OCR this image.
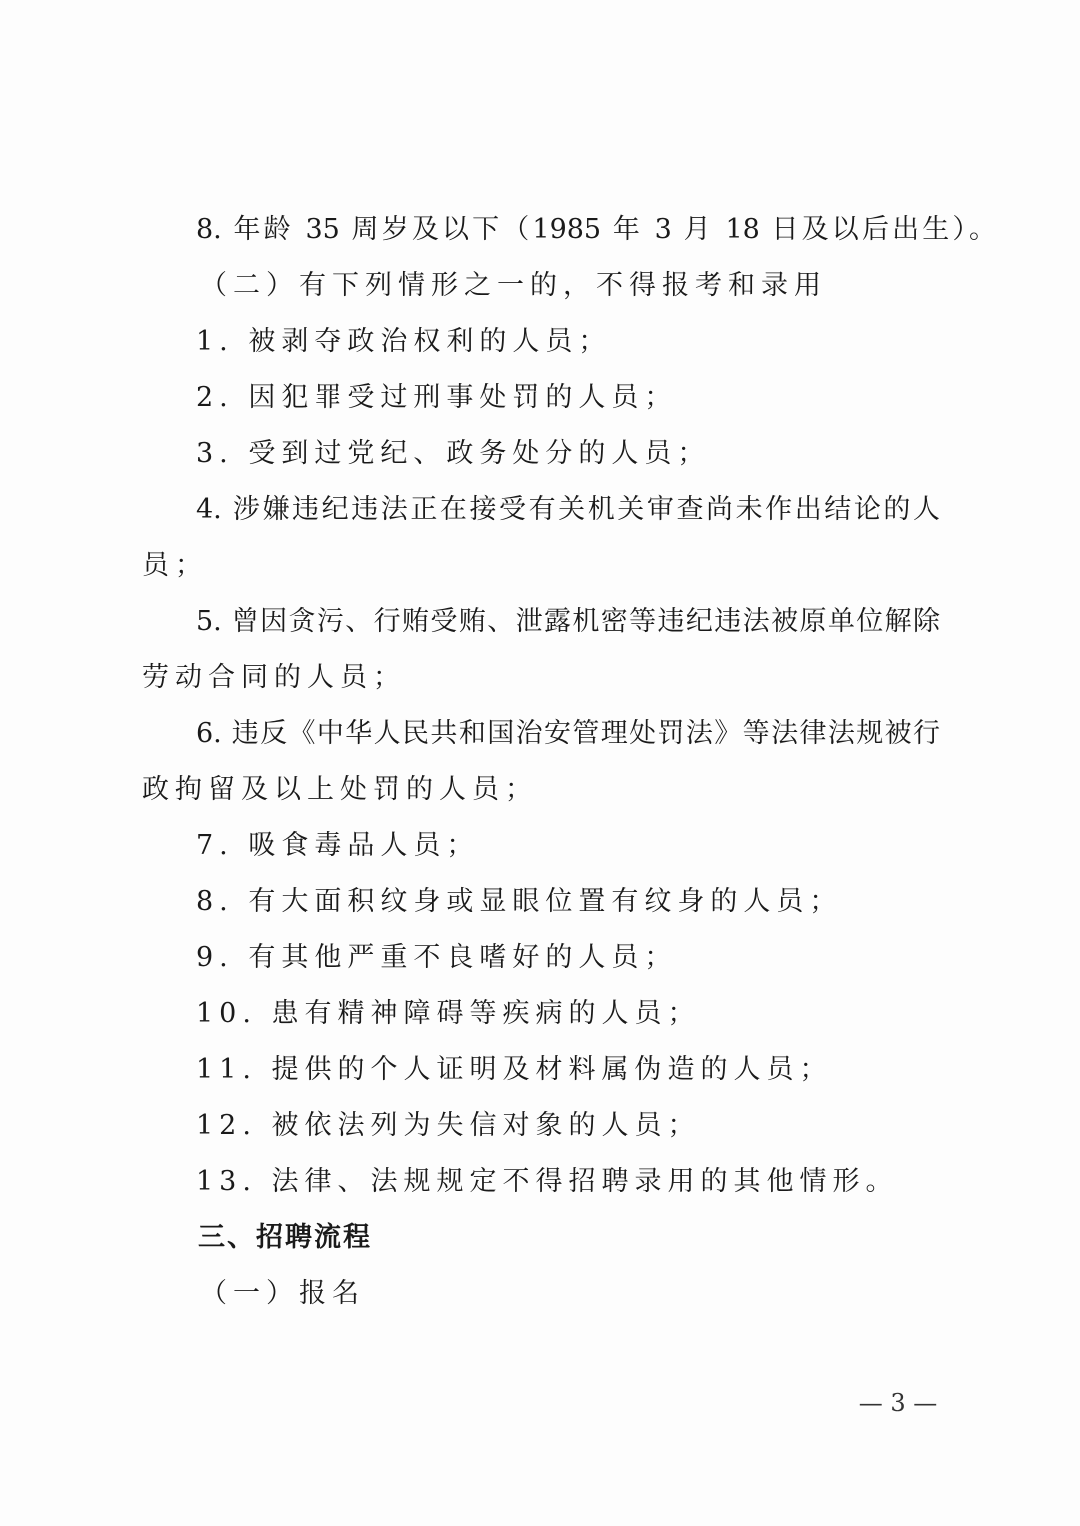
8. 年龄 35 周岁及以下（1985 年 3 月 18 日及以后出生）。
（二）有下列情形之一的，不得报考和录用
1. 被剥夺政治权利的人员；
2. 因犯罪受过刑事处罚的人员；
3. 受到过党纪、政务处分的人员；
4. 涉嫌违纪违法正在接受有关机关审查尚未作出结论的人
员；
5. 曾因贪污、行贿受贿、泄露机密等违纪违法被原单位解除
劳动合同的人员；
6. 违反《中华人民共和国治安管理处罚法》等法律法规被行
政拘留及以上处罚的人员；
7. 吸食毒品人员；
8. 有大面积纹身或显眼位置有纹身的人员；
9. 有其他严重不良嗜好的人员；
10. 患有精神障碍等疾病的人员；
11. 提供的个人证明及材料属伪造的人员；
12. 被依法列为失信对象的人员；
13. 法律、法规规定不得招聘录用的其他情形。
三、招聘流程
（一）报名
— 3 —
